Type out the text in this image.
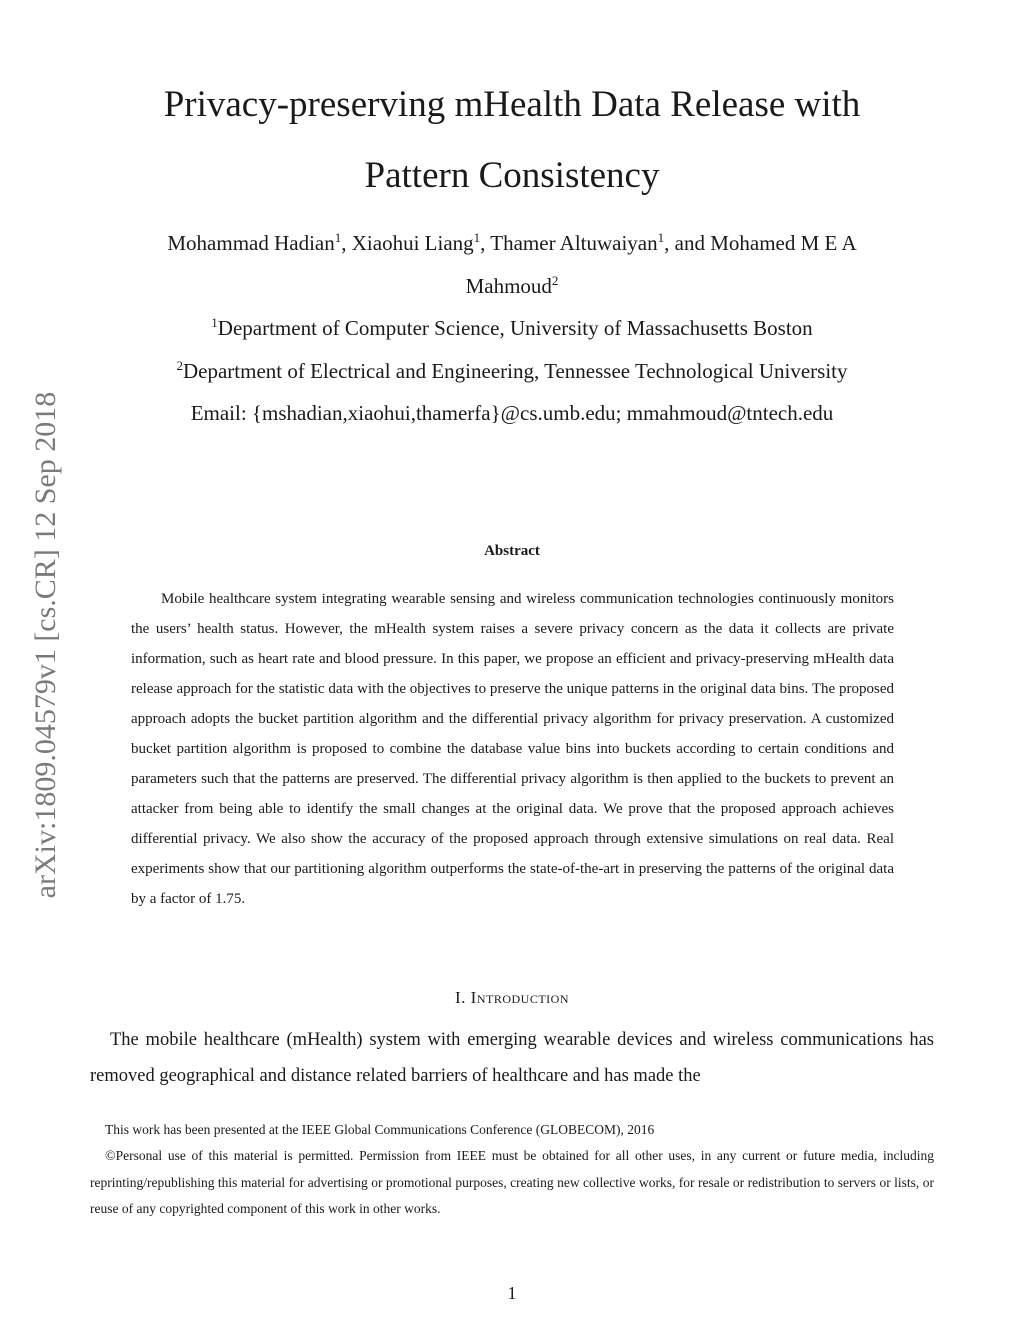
arXiv:1809.04579v1 [cs.CR] 12 Sep 2018
Privacy-preserving mHealth Data Release with
Pattern Consistency
Mohammad Hadian$^1$, Xiaohui Liang$^1$, Thamer Altuwaiyan$^1$, and Mohamed M E A
Mahmoud$^2$
$^1$Department of Computer Science, University of Massachusetts Boston
$^2$Department of Electrical and Engineering, Tennessee Technological University
Email: {mshadian,xiaohui,thamerfa}@cs.umb.edu; mmahmoud@tntech.edu
Abstract
Mobile healthcare system integrating wearable sensing and wireless communication technologies continuously monitors the users’ health status. However, the mHealth system raises a severe privacy concern as the data it collects are private information, such as heart rate and blood pressure. In this paper, we propose an efficient and privacy-preserving mHealth data release approach for the statistic data with the objectives to preserve the unique patterns in the original data bins. The proposed approach adopts the bucket partition algorithm and the differential privacy algorithm for privacy preservation. A customized bucket partition algorithm is proposed to combine the database value bins into buckets according to certain conditions and parameters such that the patterns are preserved. The differential privacy algorithm is then applied to the buckets to prevent an attacker from being able to identify the small changes at the original data. We prove that the proposed approach achieves differential privacy. We also show the accuracy of the proposed approach through extensive simulations on real data. Real experiments show that our partitioning algorithm outperforms the state-of-the-art in preserving the patterns of the original data by a factor of 1.75.
I. Introduction
The mobile healthcare (mHealth) system with emerging wearable devices and wireless communications has removed geographical and distance related barriers of healthcare and has made the
This work has been presented at the IEEE Global Communications Conference (GLOBECOM), 2016
©Personal use of this material is permitted. Permission from IEEE must be obtained for all other uses, in any current or future media, including reprinting/republishing this material for advertising or promotional purposes, creating new collective works, for resale or redistribution to servers or lists, or reuse of any copyrighted component of this work in other works.
1
